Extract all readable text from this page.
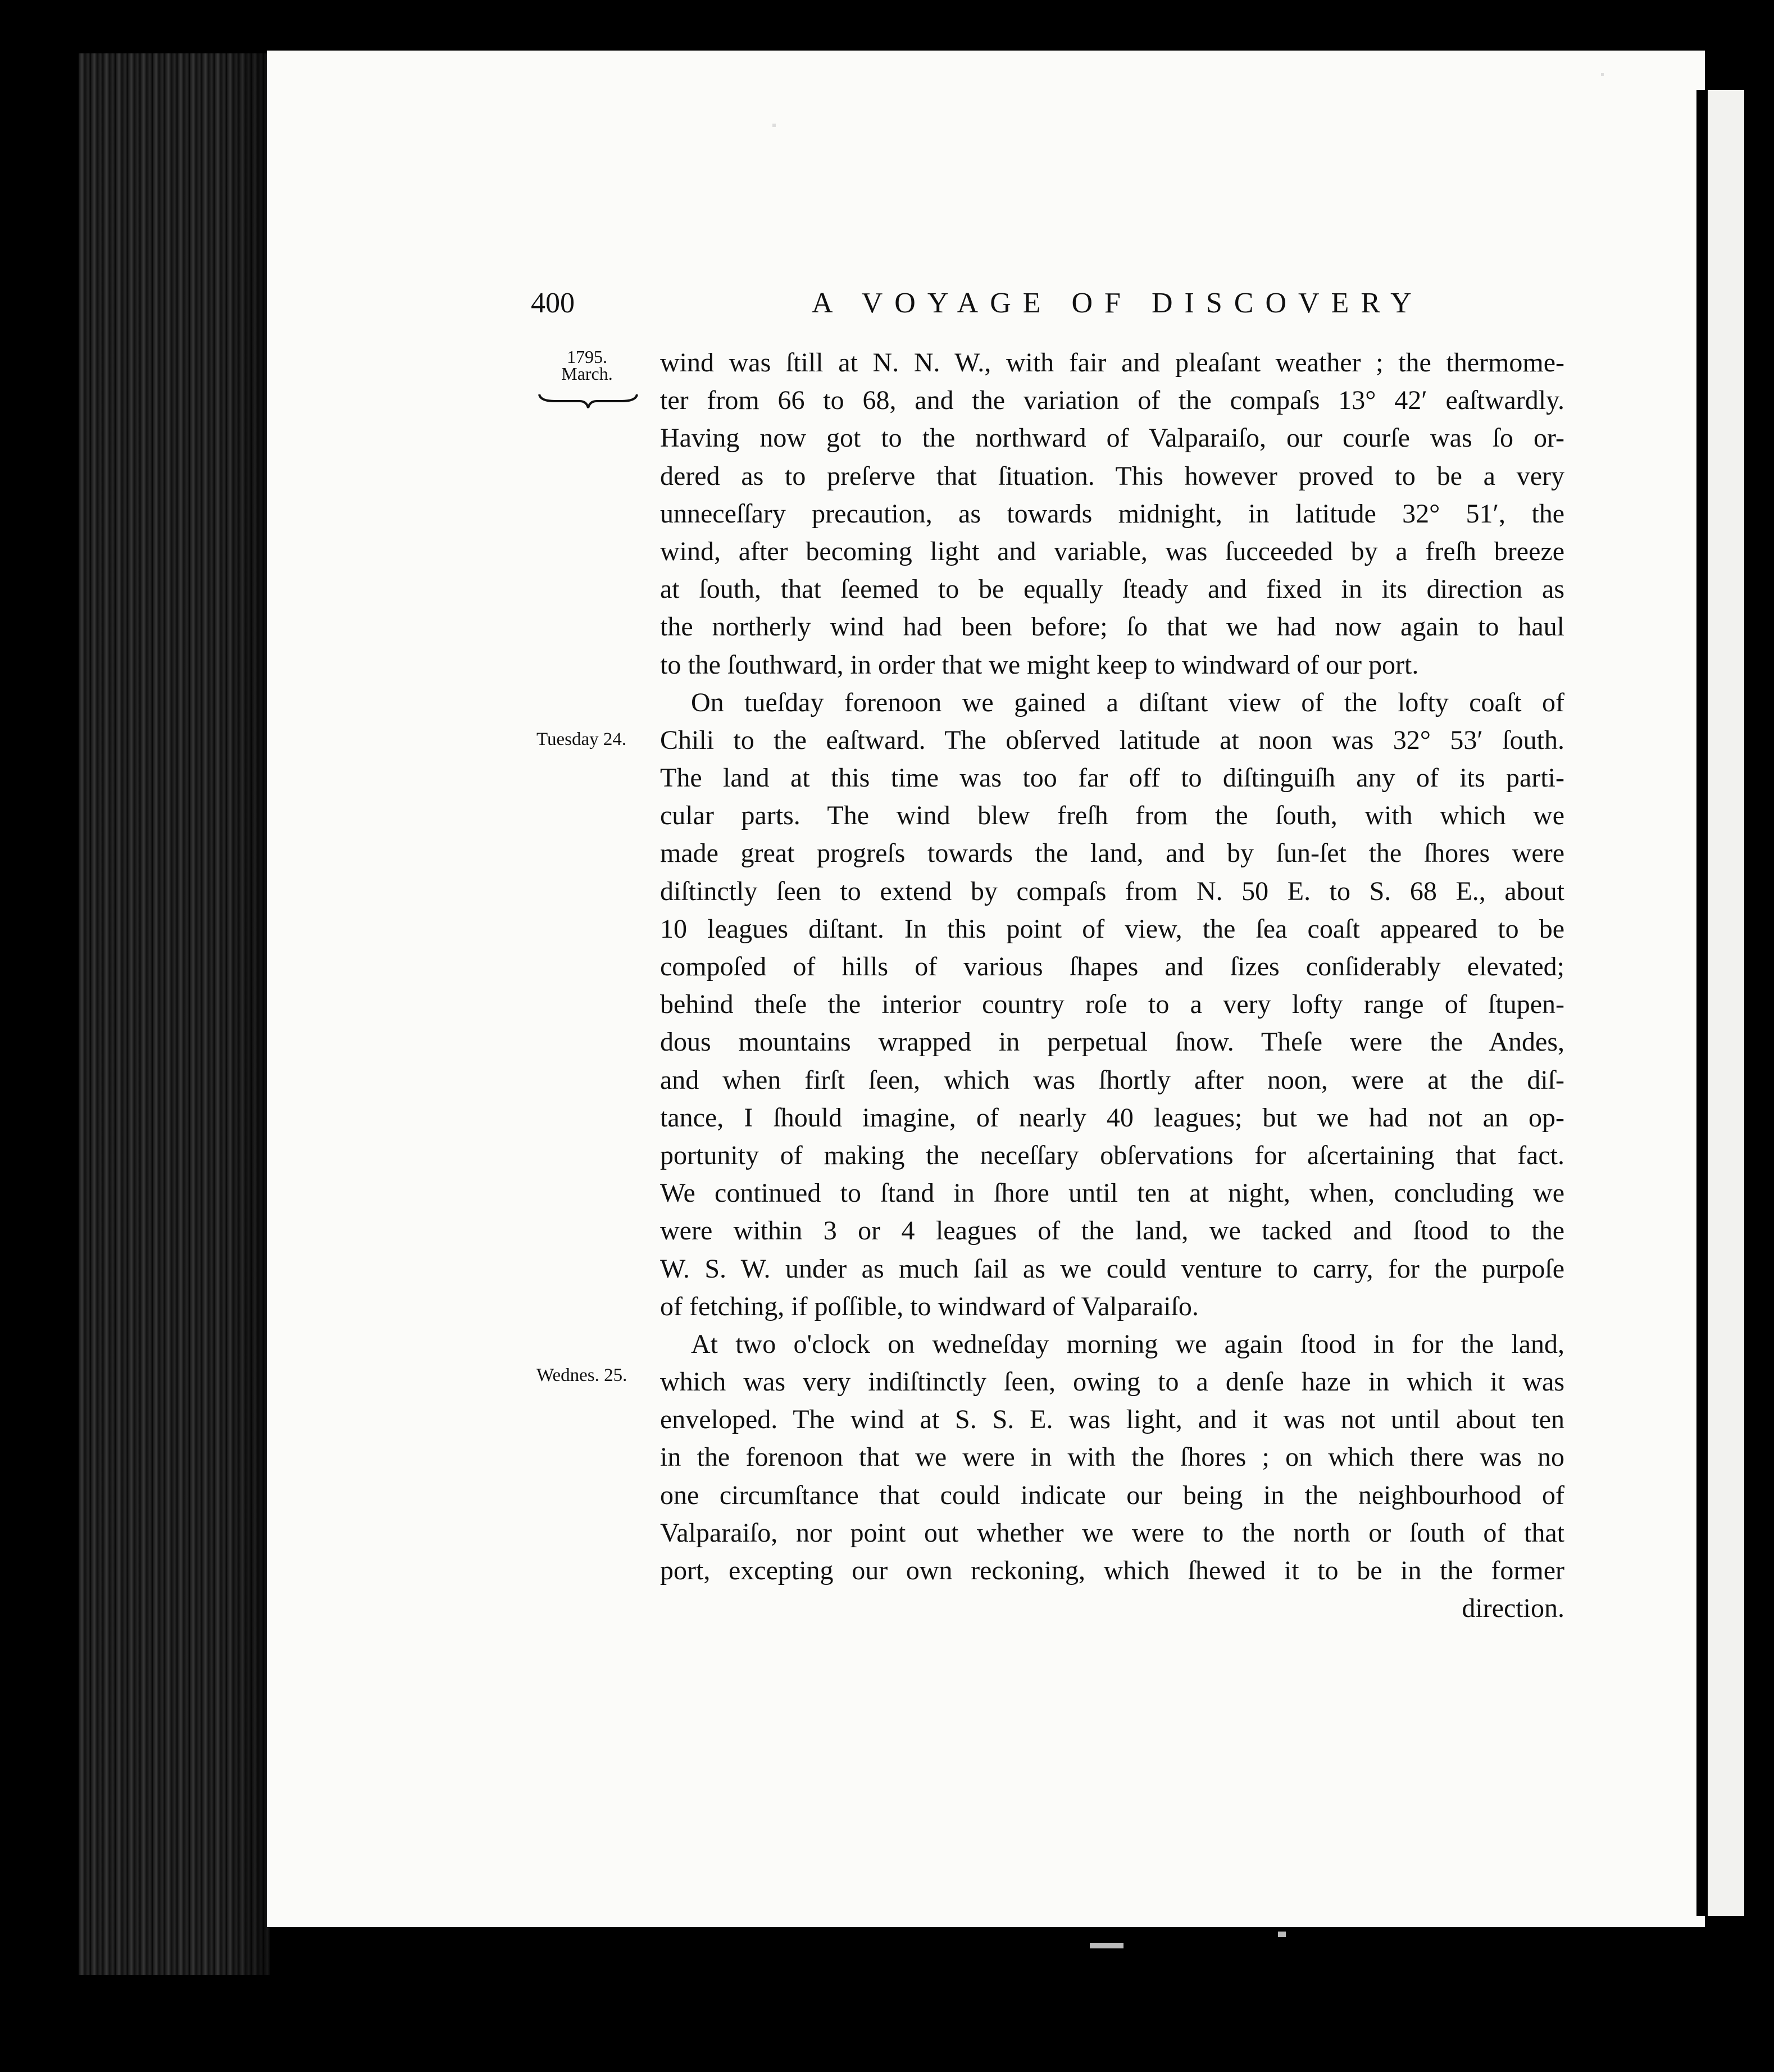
400	A VOYAGE OF DISCOVERY
1795.
March.
Tuesday 24.
Wednes. 25.
wind was ſtill at N. N. W., with fair and pleaſant weather ; the thermome-
ter from 66 to 68, and the variation of the compaſs 13° 42′ eaſtwardly.
Having now got to the northward of Valparaiſo, our courſe was ſo or-
dered as to preſerve that ſituation. This however proved to be a very
unneceſſary precaution, as towards midnight, in latitude 32° 51′, the
wind, after becoming light and variable, was ſucceeded by a freſh breeze
at ſouth, that ſeemed to be equally ſteady and fixed in its direction as
the northerly wind had been before; ſo that we had now again to haul
to the ſouthward, in order that we might keep to windward of our port.
On tueſday forenoon we gained a diſtant view of the lofty coaſt of
Chili to the eaſtward. The obſerved latitude at noon was 32° 53′ ſouth.
The land at this time was too far off to diſtinguiſh any of its parti-
cular parts. The wind blew freſh from the ſouth, with which we
made great progreſs towards the land, and by ſun-ſet the ſhores were
diſtinctly ſeen to extend by compaſs from N. 50 E. to S. 68 E., about
10 leagues diſtant. In this point of view, the ſea coaſt appeared to be
compoſed of hills of various ſhapes and ſizes conſiderably elevated;
behind theſe the interior country roſe to a very lofty range of ſtupen-
dous mountains wrapped in perpetual ſnow. Theſe were the Andes,
and when firſt ſeen, which was ſhortly after noon, were at the diſ-
tance, I ſhould imagine, of nearly 40 leagues; but we had not an op-
portunity of making the neceſſary obſervations for aſcertaining that fact.
We continued to ſtand in ſhore until ten at night, when, concluding we
were within 3 or 4 leagues of the land, we tacked and ſtood to the
W. S. W. under as much ſail as we could venture to carry, for the purpoſe
of fetching, if poſſible, to windward of Valparaiſo.
At two o'clock on wedneſday morning we again ſtood in for the land,
which was very indiſtinctly ſeen, owing to a denſe haze in which it was
enveloped. The wind at S. S. E. was light, and it was not until about ten
in the forenoon that we were in with the ſhores ; on which there was no
one circumſtance that could indicate our being in the neighbourhood of
Valparaiſo, nor point out whether we were to the north or ſouth of that
port, excepting our own reckoning, which ſhewed it to be in the former
direction.
